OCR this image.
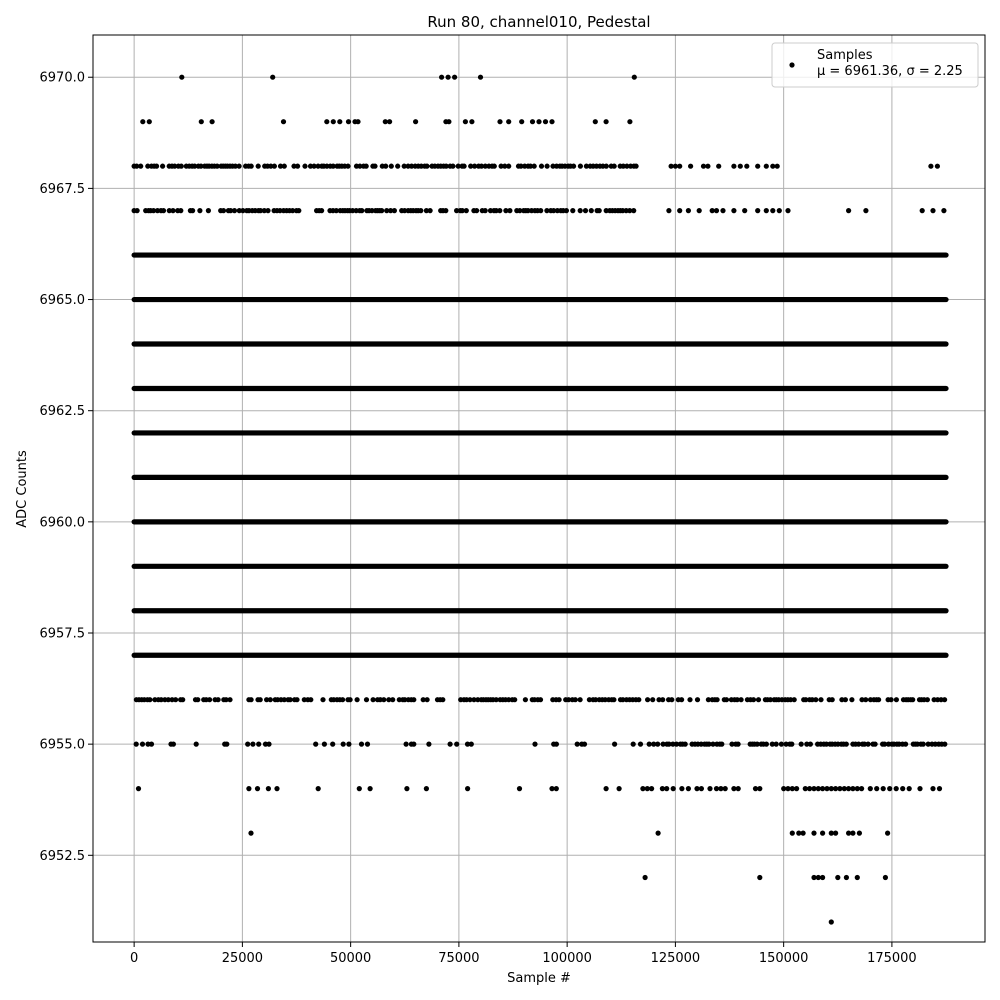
0	25000	50000	75000	100000	125000	150000	175000
6952.5
6955.0
6957.5
6960.0
6962.5
6965.0
6967.5
6970.0
Run 80, channel010, Pedestal
Sample #
ADC Counts
Samples
μ = 6961.36, σ = 2.25
